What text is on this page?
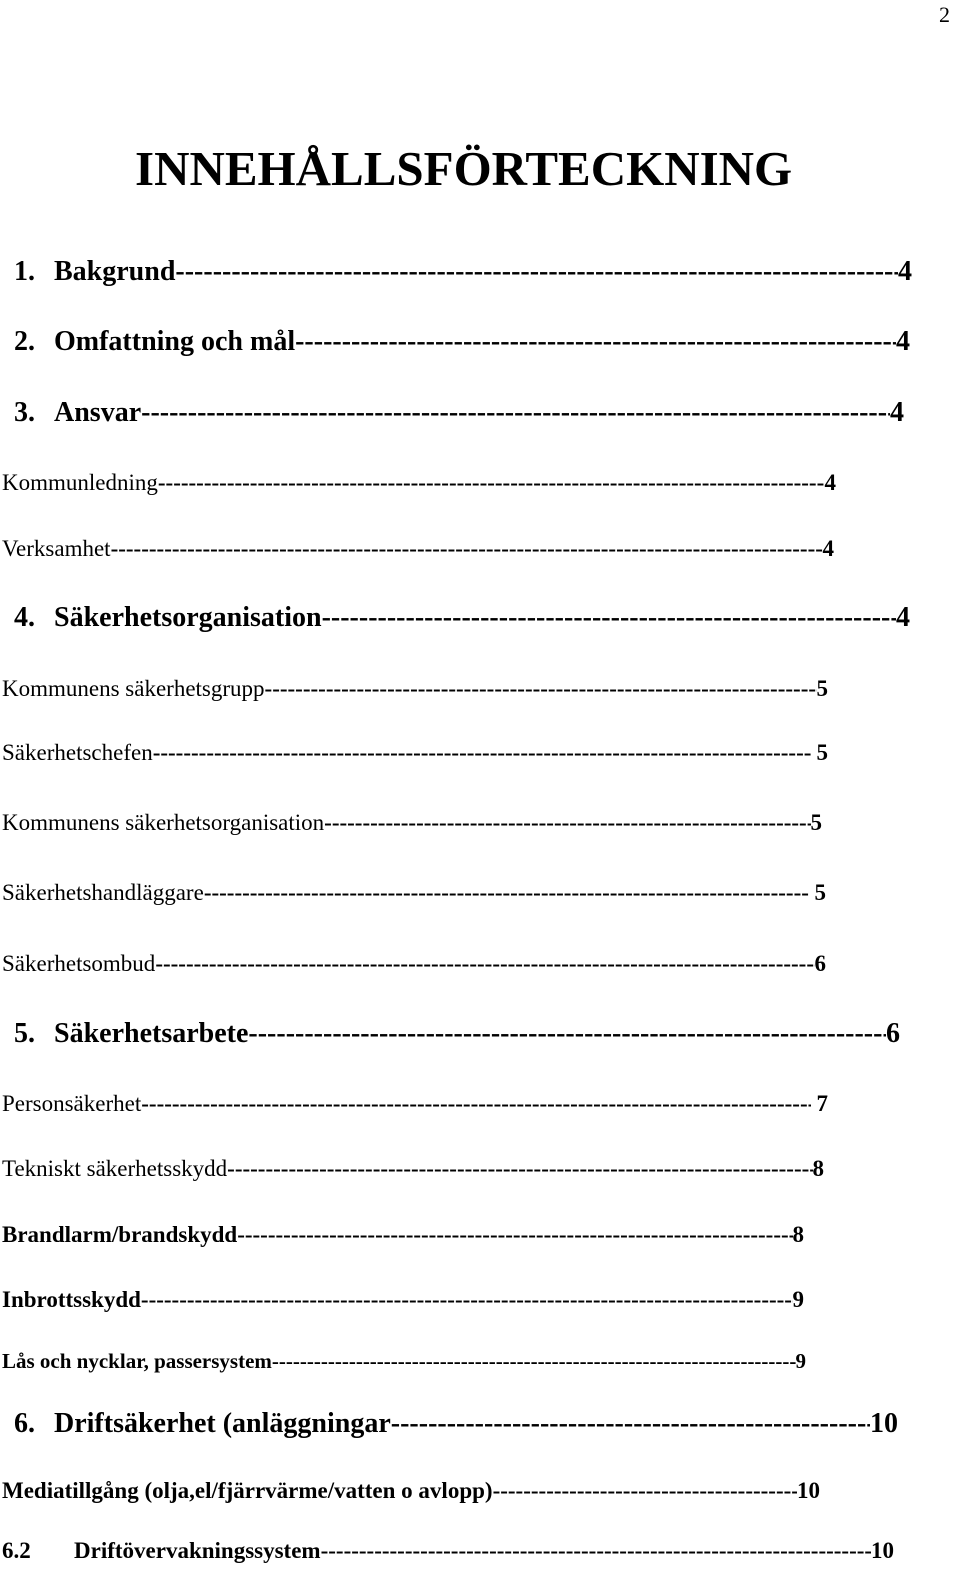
2
INNEHÅLLSFÖRTECKNING
1. Bakgrund -----	4
2. Omfattning och mål -----	4
3. Ansvar -----	4
Kommunledning -----	4
Verksamhet -----	4
4. Säkerhetsorganisation -----	4
Kommunens säkerhetsgrupp -----	5
Säkerhetschefen -----	5
Kommunens säkerhetsorganisation -----	5
Säkerhetshandläggare -----	5
Säkerhetsombud -----	6
5. Säkerhetsarbete -----	6
Personsäkerhet -----	7
Tekniskt säkerhetsskydd -----	8
Brandlarm/brandskydd -----	8
Inbrottsskydd -----	9
Lås och nycklar, passersystem -----	9
6. Driftsäkerhet (anläggningar -----	10
Mediatillgång (olja,el/fjärrvärme/vatten o avlopp) -----	10
6.2 Driftövervakningssystem -----	10
